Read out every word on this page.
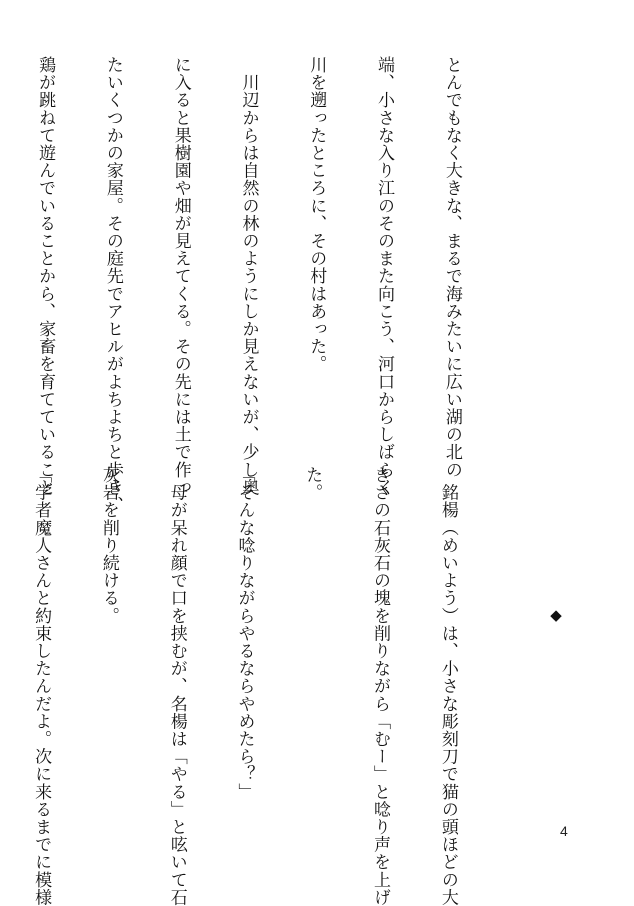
とんでもなく大きな、まるで海みたいに広い湖の北の

端、小さな入り江のそのまた向こう、河口からしばらく

川を遡ったところに、その村はあった。

　川辺からは自然の林のようにしか見えないが、少し奥

に入ると果樹園や畑が見えてくる。その先には土で作っ

たいくつかの家屋。その庭先でアヒルがよちよちと歩き、

鶏が跳ねて遊んでいることから、家畜を育てていること

◆

　銘楊（めいよう）は、小さな彫刻刀で猫の頭ほどの大

きさの石灰石の塊を削りながら「むー」と唸り声を上げ

た。

「そんな唸りながらやるならやめたら？」

　母が呆れ顔で口を挟むが、名楊は「やる」と呟いて石

灰岩を削り続ける。

「学者魔人さんと約束したんだよ。次に来るまでに模様

	4
